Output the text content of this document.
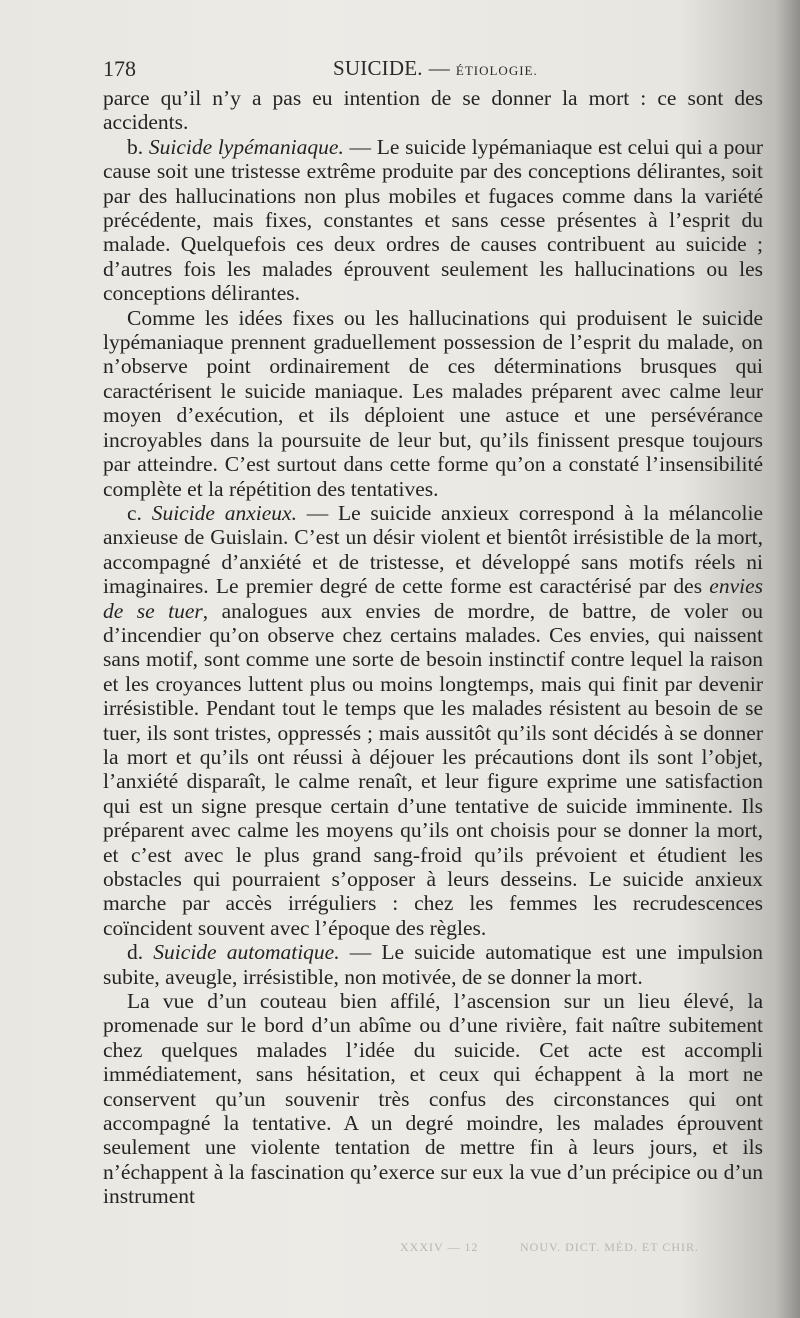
178	SUICIDE. — ÉTIOLOGIE.

parce qu’il n’y a pas eu intention de se donner la mort : ce sont des accidents.

b. Suicide lypémaniaque. — Le suicide lypémaniaque est celui qui a pour cause soit une tristesse extrême produite par des conceptions délirantes, soit par des hallucinations non plus mobiles et fugaces comme dans la variété précédente, mais fixes, constantes et sans cesse présentes à l’esprit du malade. Quelquefois ces deux ordres de causes contribuent au suicide ; d’autres fois les malades éprouvent seulement les hallucinations ou les conceptions délirantes.

Comme les idées fixes ou les hallucinations qui produisent le suicide lypémaniaque prennent graduellement possession de l’esprit du malade, on n’observe point ordinairement de ces déterminations brusques qui caractérisent le suicide maniaque. Les malades préparent avec calme leur moyen d’exécution, et ils déploient une astuce et une persévérance incroyables dans la poursuite de leur but, qu’ils finissent presque toujours par atteindre. C’est surtout dans cette forme qu’on a constaté l’insensibilité complète et la répétition des tentatives.

c. Suicide anxieux. — Le suicide anxieux correspond à la mélancolie anxieuse de Guislain. C’est un désir violent et bientôt irrésistible de la mort, accompagné d’anxiété et de tristesse, et développé sans motifs réels ni imaginaires. Le premier degré de cette forme est caractérisé par des envies de se tuer, analogues aux envies de mordre, de battre, de voler ou d’incendier qu’on observe chez certains malades. Ces envies, qui naissent sans motif, sont comme une sorte de besoin instinctif contre lequel la raison et les croyances luttent plus ou moins longtemps, mais qui finit par devenir irrésistible. Pendant tout le temps que les malades résistent au besoin de se tuer, ils sont tristes, oppressés ; mais aussitôt qu’ils sont décidés à se donner la mort et qu’ils ont réussi à déjouer les précautions dont ils sont l’objet, l’anxiété disparaît, le calme renaît, et leur figure exprime une satisfaction qui est un signe presque certain d’une tentative de suicide imminente. Ils préparent avec calme les moyens qu’ils ont choisis pour se donner la mort, et c’est avec le plus grand sang-froid qu’ils prévoient et étudient les obstacles qui pourraient s’opposer à leurs desseins. Le suicide anxieux marche par accès irréguliers : chez les femmes les recrudescences coïncident souvent avec l’époque des règles.

d. Suicide automatique. — Le suicide automatique est une impulsion subite, aveugle, irrésistible, non motivée, de se donner la mort.

La vue d’un couteau bien affilé, l’ascension sur un lieu élevé, la promenade sur le bord d’un abîme ou d’une rivière, fait naître subitement chez quelques malades l’idée du suicide. Cet acte est accompli immédiatement, sans hésitation, et ceux qui échappent à la mort ne conservent qu’un souvenir très confus des circonstances qui ont accompagné la tentative. A un degré moindre, les malades éprouvent seulement une violente tentation de mettre fin à leurs jours, et ils n’échappent à la fascination qu’exerce sur eux la vue d’un précipice ou d’un instrument

XXXIV — 12	NOUV. DICT. MÉD. ET CHIR.
